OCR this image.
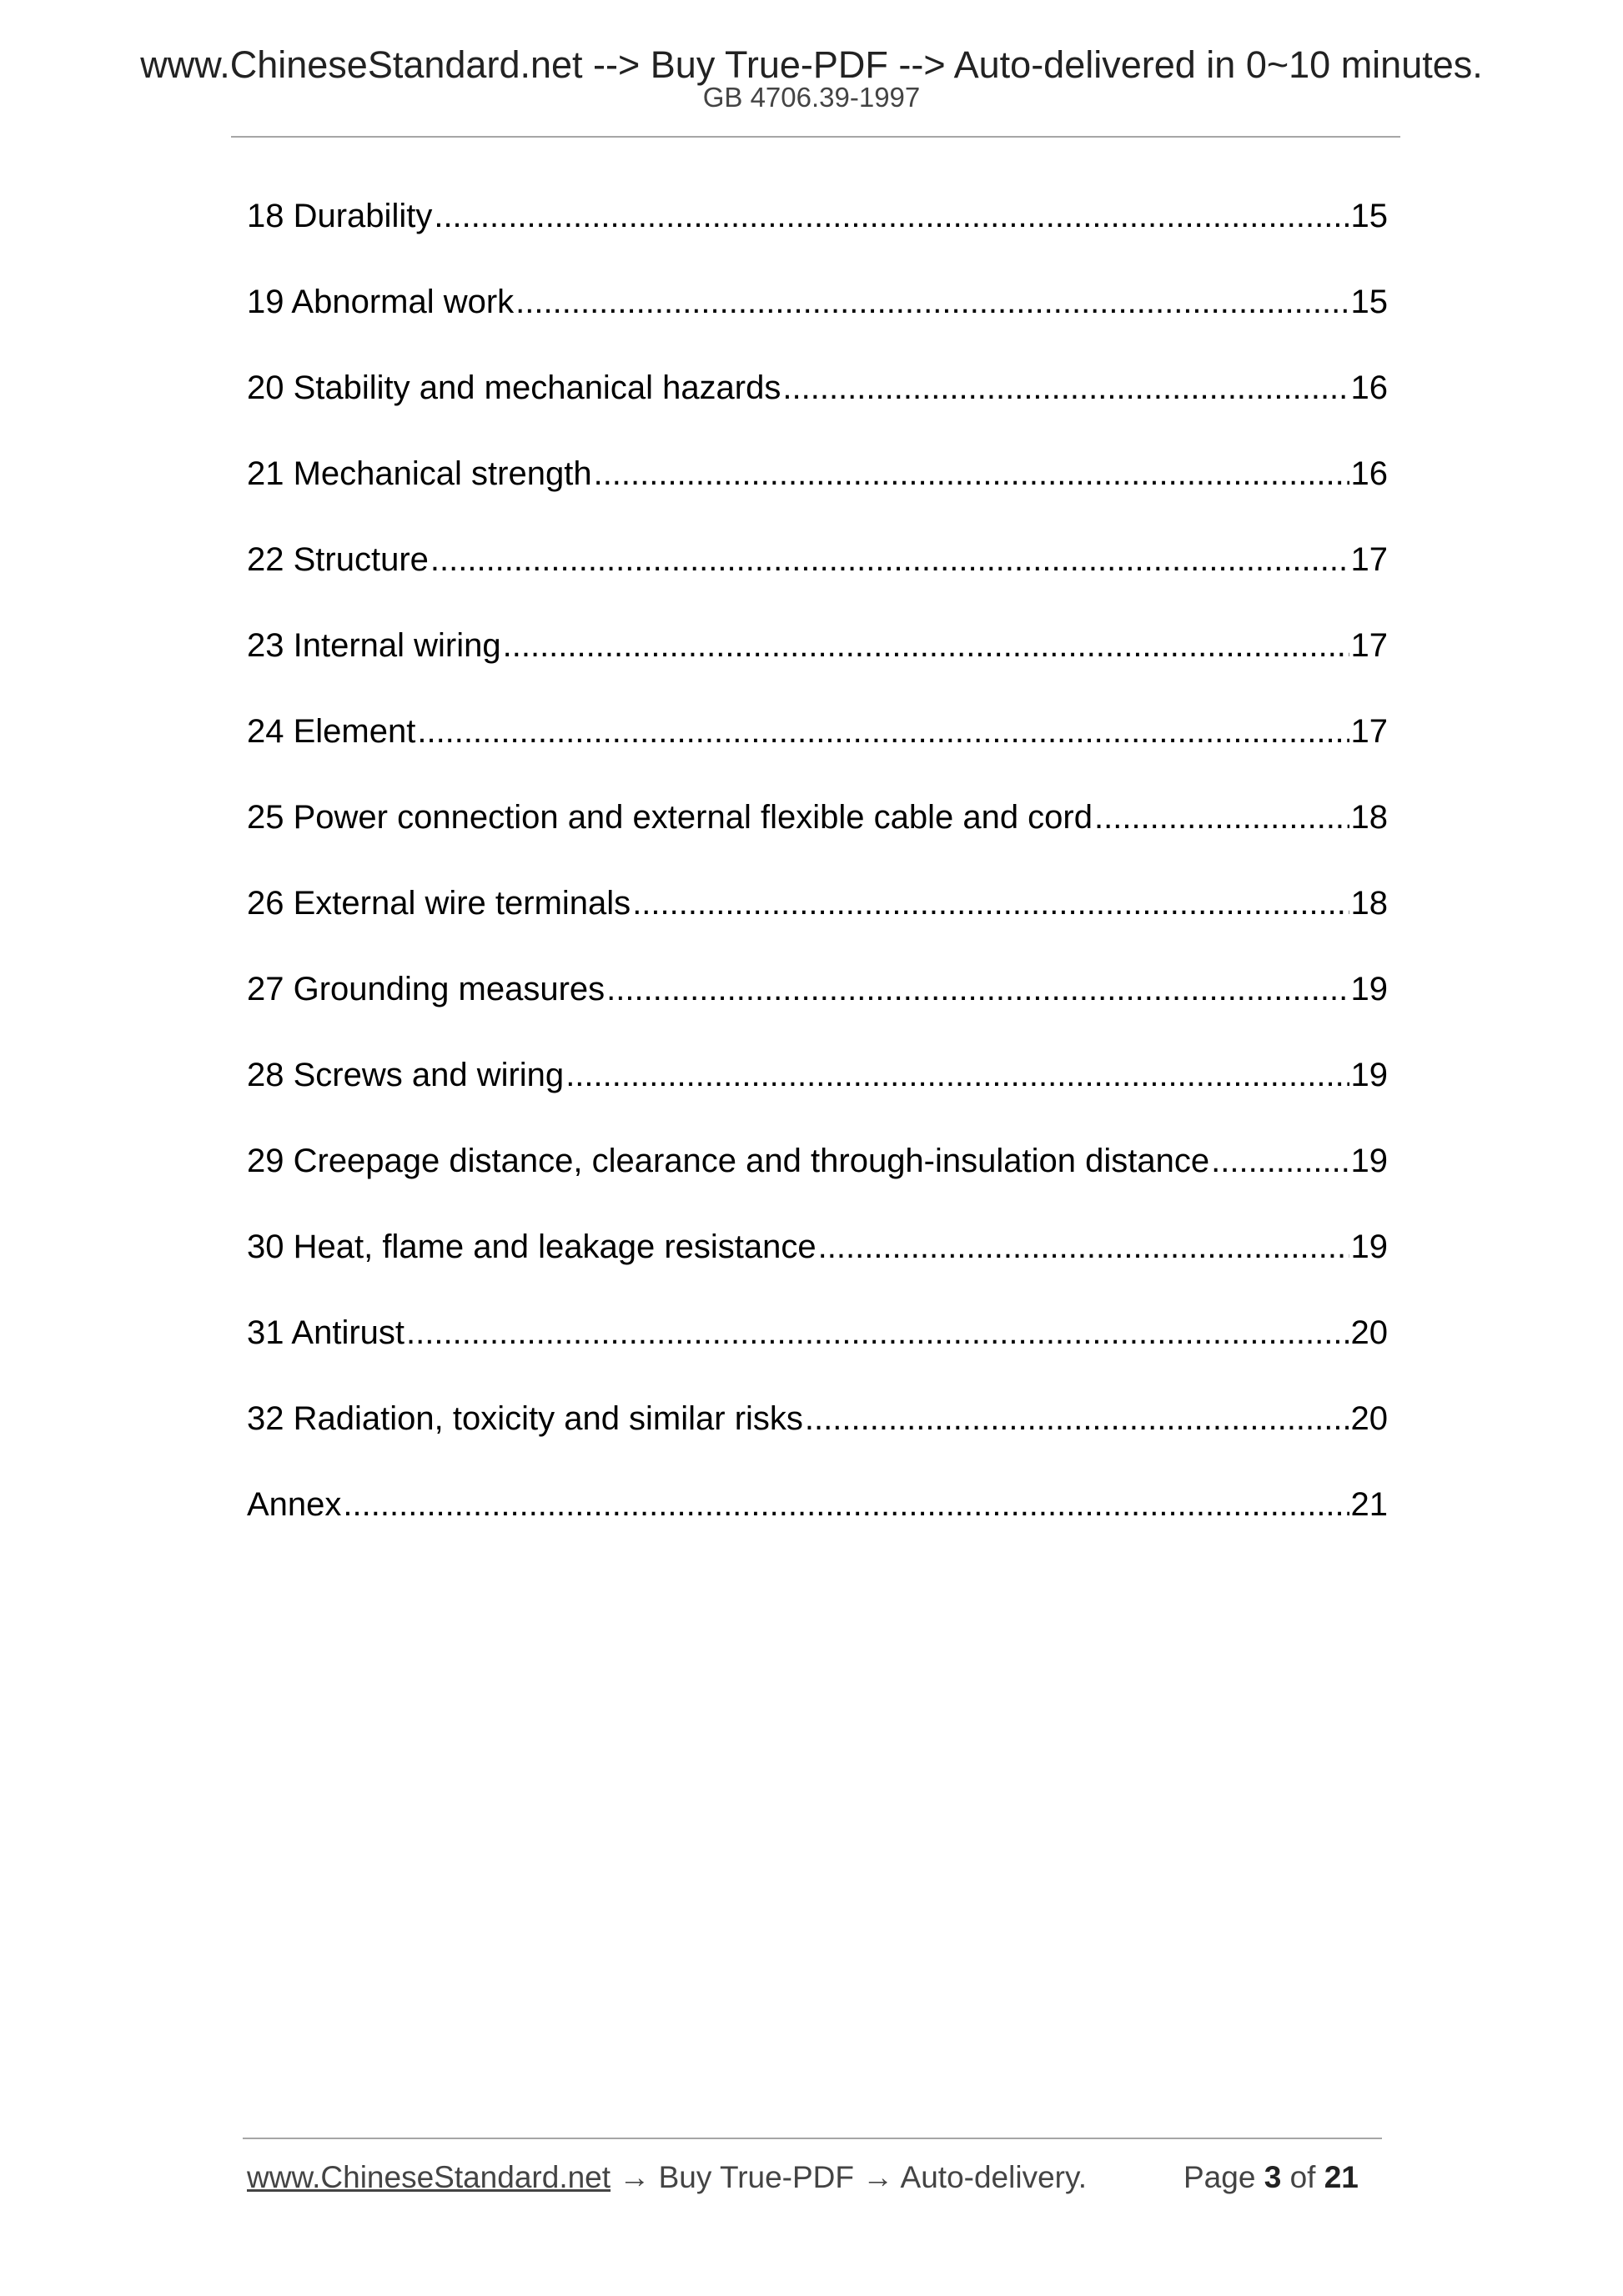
www.ChineseStandard.net --> Buy True-PDF --> Auto-delivered in 0~10 minutes.
GB 4706.39-1997
18 Durability .....	15
19 Abnormal work .....	15
20 Stability and mechanical hazards .....	16
21 Mechanical strength .....	16
22 Structure .....	17
23 Internal wiring .....	17
24 Element .....	17
25 Power connection and external flexible cable and cord .....	18
26 External wire terminals .....	18
27 Grounding measures .....	19
28 Screws and wiring .....	19
29 Creepage distance, clearance and through-insulation distance .....	19
30 Heat, flame and leakage resistance .....	19
31 Antirust .....	20
32 Radiation, toxicity and similar risks .....	20
Annex .....	21
www.ChineseStandard.net → Buy True-PDF → Auto-delivery.	Page 3 of 21
